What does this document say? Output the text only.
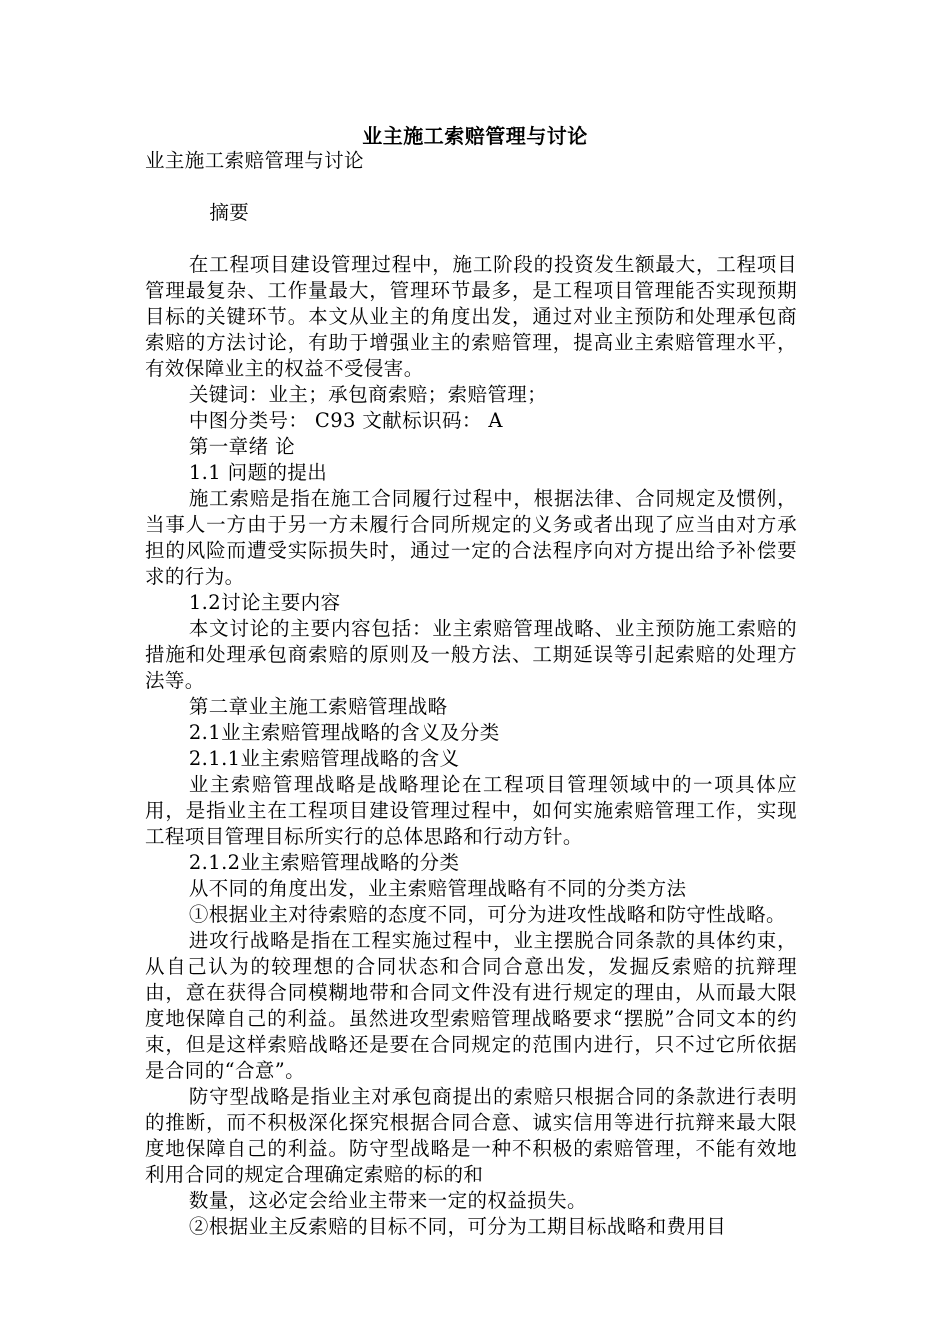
业主施工索赔管理与讨论

业主施工索赔管理与讨论

摘要

在工程项目建设管理过程中，施工阶段的投资发生额最大，工程项目管理最复杂、工作量最大，管理环节最多，是工程项目管理能否实现预期目标的关键环节。本文从业主的角度出发，通过对业主预防和处理承包商索赔的方法讨论，有助于增强业主的索赔管理，提高业主索赔管理水平，有效保障业主的权益不受侵害。

关键词：业主；承包商索赔；索赔管理；

中图分类号： C93 文献标识码： A

第一章绪 论

1.1 问题的提出

施工索赔是指在施工合同履行过程中，根据法律、合同规定及惯例，当事人一方由于另一方未履行合同所规定的义务或者出现了应当由对方承担的风险而遭受实际损失时，通过一定的合法程序向对方提出给予补偿要求的行为。

1.2讨论主要内容

本文讨论的主要内容包括：业主索赔管理战略、业主预防施工索赔的措施和处理承包商索赔的原则及一般方法、工期延误等引起索赔的处理方法等。

第二章业主施工索赔管理战略

2.1业主索赔管理战略的含义及分类

2.1.1业主索赔管理战略的含义

业主索赔管理战略是战略理论在工程项目管理领域中的一项具体应用，是指业主在工程项目建设管理过程中，如何实施索赔管理工作，实现工程项目管理目标所实行的总体思路和行动方针。

2.1.2业主索赔管理战略的分类

从不同的角度出发，业主索赔管理战略有不同的分类方法

①根据业主对待索赔的态度不同，可分为进攻性战略和防守性战略。

进攻行战略是指在工程实施过程中，业主摆脱合同条款的具体约束，从自己认为的较理想的合同状态和合同合意出发，发掘反索赔的抗辩理由，意在获得合同模糊地带和合同文件没有进行规定的理由，从而最大限度地保障自己的利益。虽然进攻型索赔管理战略要求“摆脱”合同文本的约束，但是这样索赔战略还是要在合同规定的范围内进行，只不过它所依据是合同的“合意”。

防守型战略是指业主对承包商提出的索赔只根据合同的条款进行表明的推断，而不积极深化探究根据合同合意、诚实信用等进行抗辩来最大限度地保障自己的利益。防守型战略是一种不积极的索赔管理，不能有效地利用合同的规定合理确定索赔的标的和

数量，这必定会给业主带来一定的权益损失。

②根据业主反索赔的目标不同，可分为工期目标战略和费用目
